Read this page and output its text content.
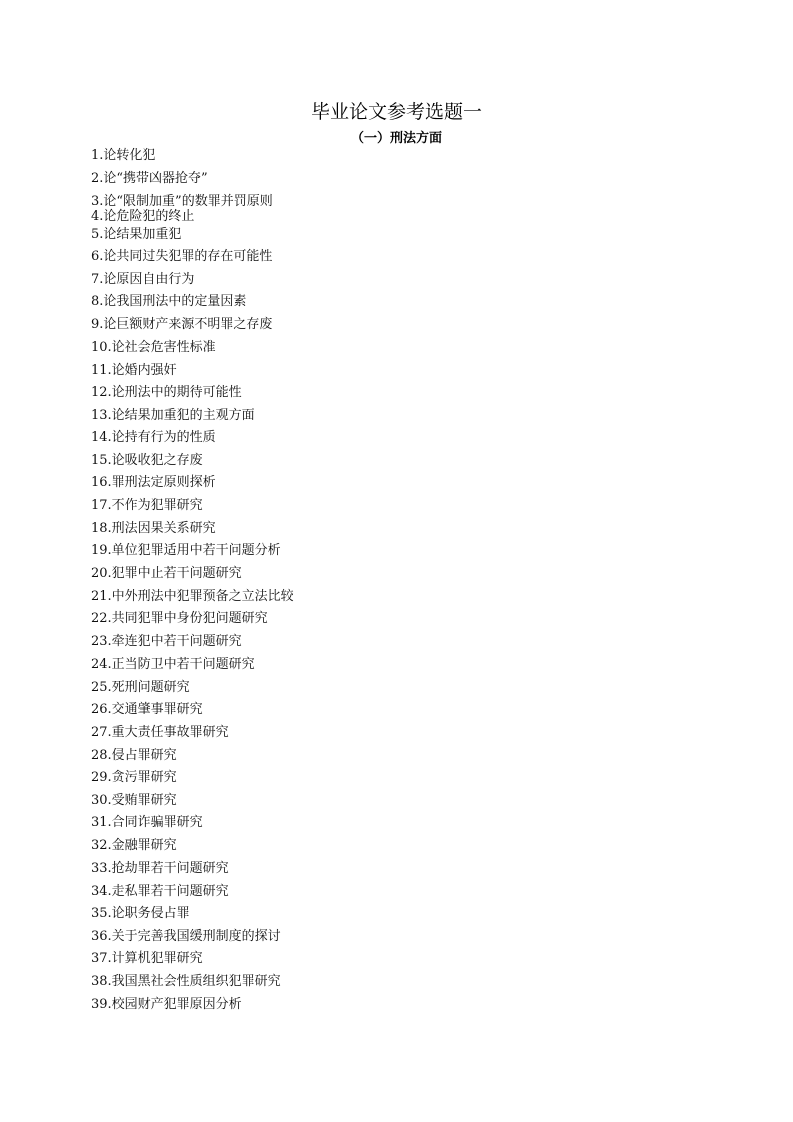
毕业论文参考选题一
（一）刑法方面
1.论转化犯
2.论“携带凶器抢夺”
3.论“限制加重”的数罪并罚原则
4.论危险犯的终止
5.论结果加重犯
6.论共同过失犯罪的存在可能性
7.论原因自由行为
8.论我国刑法中的定量因素
9.论巨额财产来源不明罪之存废
10.论社会危害性标准
11.论婚内强奸
12.论刑法中的期待可能性
13.论结果加重犯的主观方面
14.论持有行为的性质
15.论吸收犯之存废
16.罪刑法定原则探析
17.不作为犯罪研究
18.刑法因果关系研究
19.单位犯罪适用中若干问题分析
20.犯罪中止若干问题研究
21.中外刑法中犯罪预备之立法比较
22.共同犯罪中身份犯问题研究
23.牵连犯中若干问题研究
24.正当防卫中若干问题研究
25.死刑问题研究
26.交通肇事罪研究
27.重大责任事故罪研究
28.侵占罪研究
29.贪污罪研究
30.受贿罪研究
31.合同诈骗罪研究
32.金融罪研究
33.抢劫罪若干问题研究
34.走私罪若干问题研究
35.论职务侵占罪
36.关于完善我国缓刑制度的探讨
37.计算机犯罪研究
38.我国黑社会性质组织犯罪研究
39.校园财产犯罪原因分析
